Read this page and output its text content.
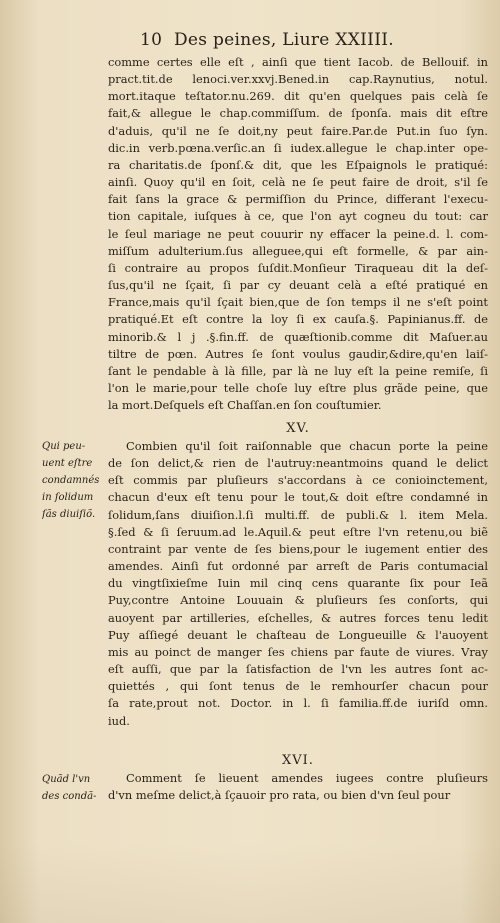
10 Des peines, Liure XXIIII.
comme certes elle eſt , ainſi que tient Iacob. de Bellouif. in
pract.tit.de lenoci.ver.xxvj.Bened.in cap.Raynutius, notul.
mort.itaque teſtator.nu.269. dit qu'en quelques pais celà ſe
fait,& allegue le chap.commiſſum. de ſponſa. mais dit eſtre
d'aduis, qu'il ne ſe doit,ny peut faire.Par.de Put.in ſuo ſyn.
dic.in verb.pœna.verſic.an ſi iudex.allegue le chap.inter ope-
ra charitatis.de ſponſ.& dit, que les Eſpaignols le pratiqué:
ainſi. Quoy qu'il en ſoit, celà ne ſe peut faire de droit, s'il ſe
fait ſans la grace & permiſſion du Prince, differant l'execu-
tion capitale, iuſques à ce, que l'on ayt cogneu du tout: car
le ſeul mariage ne peut couurir ny effacer la peine.d. l. com-
miſſum adulterium.ſus alleguee,qui eſt formelle, & par ain-
ſi contraire au propos ſuſdit.Monſieur Tiraqueau dit la deſ-
ſus,qu'il ne ſçait, ſi par cy deuant celà a eſté pratiqué en
France,mais qu'il ſçait bien,que de ſon temps il ne s'eſt point
pratiqué.Et eſt contre la loy ſi ex cauſa.§. Papinianus.ff. de
minorib.& l j .§.fin.ff. de quæſtionib.comme dit Maſuer.au
tiltre de pœn. Autres ſe ſont voulus gaudir,&dire,qu'en laiſ-
ſant le pendable à là fille, par là ne luy eſt la peine remiſe, ſi
l'on le marie,pour telle choſe luy eſtre plus grãde peine, que
la mort.Deſquels eſt Chaſſan.en ſon couſtumier.
XV.
Combien qu'il ſoit raiſonnable que chacun porte la peine
de ſon delict,& rien de l'autruy:neantmoins quand le delict
eſt commis par pluſieurs s'accordans à ce conioinctement,
chacun d'eux eſt tenu pour le tout,& doit eſtre condamné in
ſolidum,ſans diuiſion.l.ſi multi.ff. de publi.& l. item Mela.
§.ſed & ſi ſeruum.ad le.Aquil.& peut eſtre l'vn retenu,ou biẽ
contraint par vente de ſes biens,pour le iugement entier des
amendes. Ainſi fut ordonné par arreſt de Paris contumacial
du vingtſixieſme Iuin mil cinq cens quarante ſix pour Ieã
Puy,contre Antoine Louuain & pluſieurs ſes conſorts, qui
auoyent par artilleries, eſchelles, & autres forces tenu ledit
Puy aſſiegé deuant le chaſteau de Longueuille & l'auoyent
mis au poinct de manger ſes chiens par faute de viures. Vray
eſt auſſi, que par la ſatisfaction de l'vn les autres ſont ac-
quiettés , qui ſont tenus de le remhourſer chacun pour
ſa rate,prout not. Doctor. in l. ſi familia.ff.de iuriſd omn.
iud.
Qui peu-
uent eſtre
condamnés
in ſolidum
ſãs diuiſiõ.
XVI.
Comment ſe lieuent amendes iugees contre pluſieurs
d'vn meſme delict,à ſçauoir pro rata, ou bien d'vn ſeul pour
Quãd l'vn
des condã-
